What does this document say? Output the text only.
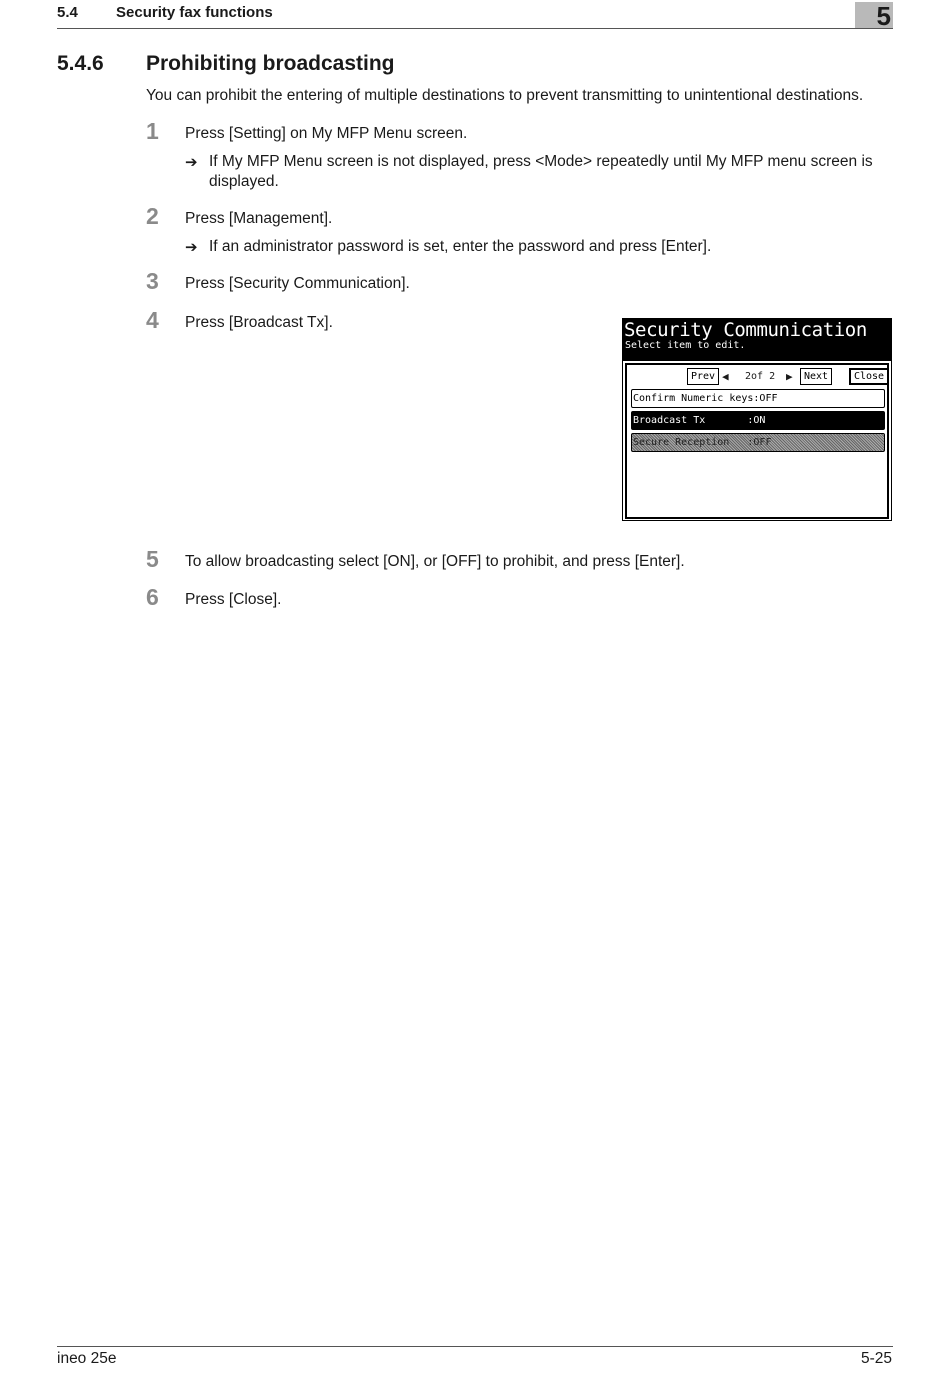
5.4	Security fax functions	5
5.4.6 Prohibiting broadcasting
You can prohibit the entering of multiple destinations to prevent transmitting to unintentional destinations.
1 Press [Setting] on My MFP Menu screen.
➔ If My MFP Menu screen is not displayed, press <Mode> repeatedly until My MFP menu screen is displayed.
2 Press [Management].
➔ If an administrator password is set, enter the password and press [Enter].
3 Press [Security Communication].
4 Press [Broadcast Tx].	Security Communication
Select item to edit.
Prev ◀ 2of 2 ▶	Next	Close
Confirm Numeric keys:OFF
Broadcast Tx       :ON
Secure Reception   :OFF
5 To allow broadcasting select [ON], or [OFF] to prohibit, and press [Enter].
6 Press [Close].
ineo 25e	5-25
